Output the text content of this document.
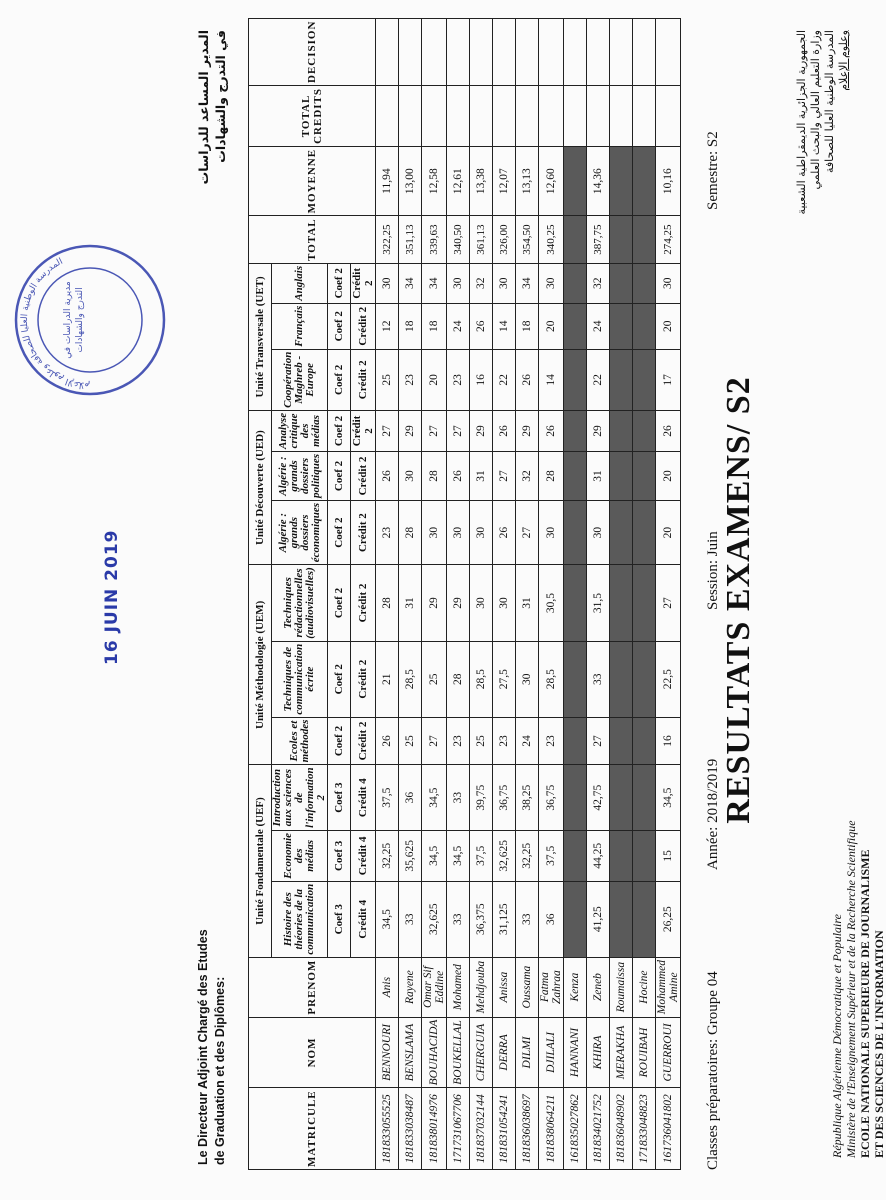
République Algérienne Démocratique et Populaire Ministère de l'Enseignement Supérieur et de la Recherche Scientifique ECOLE NATIONALE SUPERIEURE DE JOURNALISME ET DES SCIENCES DE L'INFORMATION
الجمهورية الجزائرية الديمقراطية الشعبية وزارة التعليم العالي والبحث العلمي المدرسة الوطنية العليا للصحافة وعلوم الإعلام
RESULTATS EXAMENS/ S2
Classes préparatoires: Groupe 04
Année: 2018/2019
Session: Juin
Semestre: S2
MATRICULE	NOM	PRENOM	Unité Fondamentale (UEF)			Unité Méthodologie (UEM)			Unité Découverte (UED)			Unité Transversale (UET)			TOTAL	MOYENNE	TOTAL CREDITS	DECISION
			Histoire des théories de la communication	Economie des médias	Introduction aux sciences de l'information 2	Ecoles et méthodes	Techniques de communication écrite	Techniques rédactionnelles (audiovisuelles)	Algérie : grands dossiers économiques	Algérie : grands dossiers politiques	Analyse critique des médias	Coopération Maghreb - Europe	Français	Anglais				
			Coef 3	Coef 3	Coef 3	Coef 2	Coef 2	Coef 2	Coef 2	Coef 2	Coef 2	Coef 2	Coef 2	Coef 2				
			Crédit 4	Crédit 4	Crédit 4	Crédit 2	Crédit 2	Crédit 2	Crédit 2	Crédit 2	Crédit 2	Crédit 2	Crédit 2	Crédit 2				
181833055525	BENNOURI	Anis	34,5	32,25	37,5	26	21	28	23	26	27	25	12	30	322,25	11,94		
181833038487	BENSLAMA	Rayene	33	35,625	36	25	28,5	31	28	30	29	23	18	34	351,13	13,00		
181838014976	BOUHACIDA	Omar Sif Eddine	32,625	34,5	34,5	27	25	29	30	28	27	20	18	34	339,63	12,58		
171731067706	BOUKELLAL	Mohamed	33	34,5	33	23	28	29	30	26	27	23	24	30	340,50	12,61		
181837032144	CHERGUIA	Mehdjouba	36,375	37,5	39,75	25	28,5	30	30	31	29	16	26	32	361,13	13,38		
181831054241	DERRA	Anissa	31,125	32,625	36,75	23	27,5	30	26	27	26	22	14	30	326,00	12,07		
181836038697	DILMI	Oussama	33	32,25	38,25	24	30	31	27	32	29	26	18	34	354,50	13,13		
181838064211	DJILALI	Fatma Zahraa	36	37,5	36,75	23	28,5	30,5	30	28	26	14	20	30	340,25	12,60		
161835027862	HANNANI	Kenza																
181834021752	KHIRA	Zeneb	41,25	44,25	42,75	27	33	31,5	30	31	29	22	24	32	387,75	14,36		
181836048902	MERAKHA	Roumaissa																
171833048823	ROUIBAH	Hocine																
161736041802	GUERROUI	Mohammed Amine	26,25	15	34,5	16	22,5	27	20	20	26	17	20	30	274,25	10,16		
Le Directeur Adjoint Chargé des Etudes de Graduation et des Diplômes:
المدير المساعد للدراسات في التدرج والشهادات
16 JUIN 2019
المدرسة الوطنية العليا للصحافة وعلوم الإعلام
مديرية الدراسات في التدرج والشهادات
